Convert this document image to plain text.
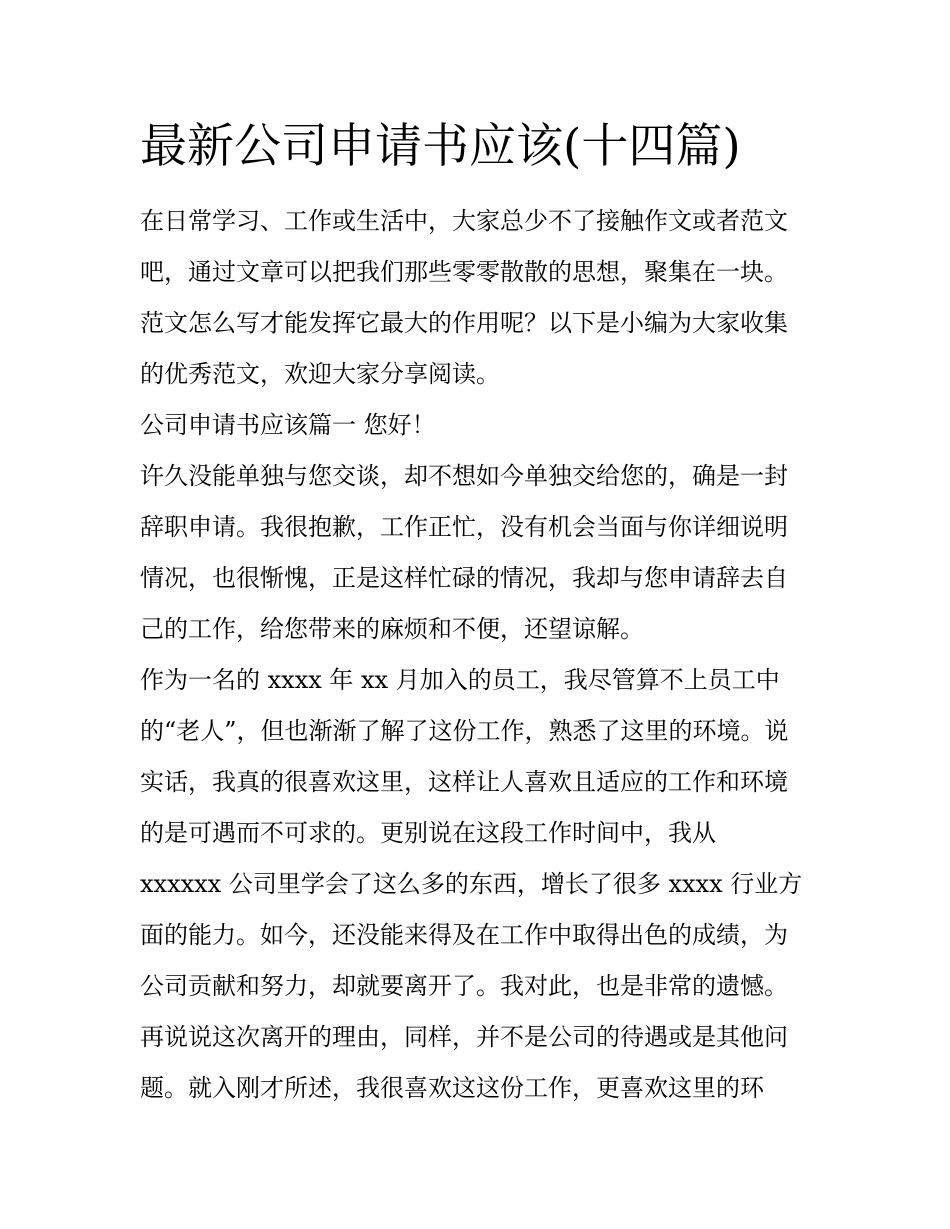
最新公司申请书应该(十四篇)

在日常学习、工作或生活中，大家总少不了接触作文或者范文

吧，通过文章可以把我们那些零零散散的思想，聚集在一块。

范文怎么写才能发挥它最大的作用呢？以下是小编为大家收集

的优秀范文，欢迎大家分享阅读。

公司申请书应该篇一 您好！

许久没能单独与您交谈，却不想如今单独交给您的，确是一封

辞职申请。我很抱歉，工作正忙，没有机会当面与你详细说明

情况，也很惭愧，正是这样忙碌的情况，我却与您申请辞去自

己的工作，给您带来的麻烦和不便，还望谅解。

作为一名的 xxxx 年 xx 月加入的员工，我尽管算不上员工中

的“老人”，但也渐渐了解了这份工作，熟悉了这里的环境。说

实话，我真的很喜欢这里，这样让人喜欢且适应的工作和环境

的是可遇而不可求的。更别说在这段工作时间中，我从

xxxxxx 公司里学会了这么多的东西，增长了很多 xxxx 行业方

面的能力。如今，还没能来得及在工作中取得出色的成绩，为

公司贡献和努力，却就要离开了。我对此，也是非常的遗憾。

再说说这次离开的理由，同样，并不是公司的待遇或是其他问

题。就入刚才所述，我很喜欢这这份工作，更喜欢这里的环
